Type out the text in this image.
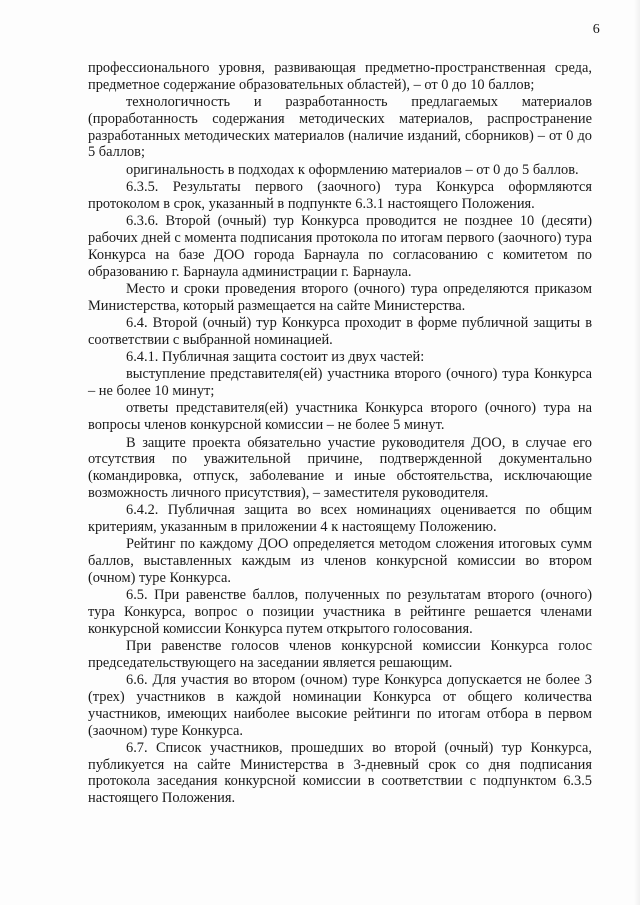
6

профессионального уровня, развивающая предметно-пространственная среда, предметное содержание образовательных областей), – от 0 до 10 баллов;

технологичность и разработанность предлагаемых материалов (проработанность содержания методических материалов, распространение разработанных методических материалов (наличие изданий, сборников) – от 0 до 5 баллов;

оригинальность в подходах к оформлению материалов – от 0 до 5 баллов.

6.3.5. Результаты первого (заочного) тура Конкурса оформляются протоколом в срок, указанный в подпункте 6.3.1 настоящего Положения.

6.3.6. Второй (очный) тур Конкурса проводится не позднее 10 (десяти) рабочих дней с момента подписания протокола по итогам первого (заочного) тура Конкурса на базе ДОО города Барнаула по согласованию с комитетом по образованию г. Барнаула администрации г. Барнаула.

Место и сроки проведения второго (очного) тура определяются приказом Министерства, который размещается на сайте Министерства.

6.4. Второй (очный) тур Конкурса проходит в форме публичной защиты в соответствии с выбранной номинацией.

6.4.1. Публичная защита состоит из двух частей:

выступление представителя(ей) участника второго (очного) тура Конкурса – не более 10 минут;

ответы представителя(ей) участника Конкурса второго (очного) тура на вопросы членов конкурсной комиссии – не более 5 минут.

В защите проекта обязательно участие руководителя ДОО, в случае его отсутствия по уважительной причине, подтвержденной документально (командировка, отпуск, заболевание и иные обстоятельства, исключающие возможность личного присутствия), – заместителя руководителя.

6.4.2. Публичная защита во всех номинациях оценивается по общим критериям, указанным в приложении 4 к настоящему Положению.

Рейтинг по каждому ДОО определяется методом сложения итоговых сумм баллов, выставленных каждым из членов конкурсной комиссии во втором (очном) туре Конкурса.

6.5. При равенстве баллов, полученных по результатам второго (очного) тура Конкурса, вопрос о позиции участника в рейтинге решается членами конкурсной комиссии Конкурса путем открытого голосования.

При равенстве голосов членов конкурсной комиссии Конкурса голос председательствующего на заседании является решающим.

6.6. Для участия во втором (очном) туре Конкурса допускается не более 3 (трех) участников в каждой номинации Конкурса от общего количества участников, имеющих наиболее высокие рейтинги по итогам отбора в первом (заочном) туре Конкурса.

6.7. Список участников, прошедших во второй (очный) тур Конкурса, публикуется на сайте Министерства в 3-дневный срок со дня подписания протокола заседания конкурсной комиссии в соответствии с подпунктом 6.3.5 настоящего Положения.
